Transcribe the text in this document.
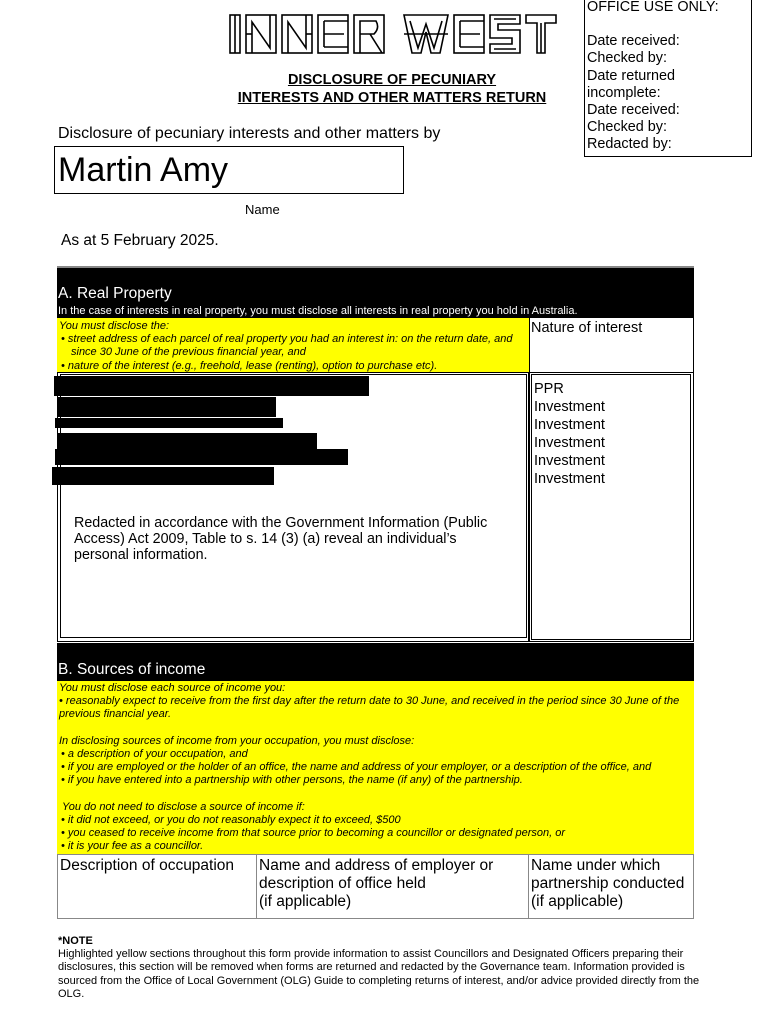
OFFICE USE ONLY:
Date received:
Checked by:
Date returned
incomplete:
Date received:
Checked by:
Redacted by:
DISCLOSURE OF PECUNIARY
INTERESTS AND OTHER MATTERS RETURN
Disclosure of pecuniary interests and other matters by
Martin Amy
Name
As at 5 February 2025.
A. Real Property
In the case of interests in real property, you must disclose all interests in real property you hold in Australia.
You must disclose the:
• street address of each parcel of real property you had an interest in: on the return date, and since 30 June of the previous financial year, and
• nature of the interest (e.g., freehold, lease (renting), option to purchase etc).
Nature of interest
Redacted in accordance with the Government Information (Public Access) Act 2009, Table to s. 14 (3) (a) reveal an individual’s personal information.
PPR
Investment
Investment
Investment
Investment
Investment
B. Sources of income
You must disclose each source of income you:
• reasonably expect to receive from the first day after the return date to 30 June, and received in the period since 30 June of the previous financial year.
In disclosing sources of income from your occupation, you must disclose:
• a description of your occupation, and
• if you are employed or the holder of an office, the name and address of your employer, or a description of the office, and
• if you have entered into a partnership with other persons, the name (if any) of the partnership.
You do not need to disclose a source of income if:
• it did not exceed, or you do not reasonably expect it to exceed, $500
• you ceased to receive income from that source prior to becoming a councillor or designated person, or
• it is your fee as a councillor.
Description of occupation	Name and address of employer or
description of office held
(if applicable)
Name under which
partnership conducted
(if applicable)
*NOTE
Highlighted yellow sections throughout this form provide information to assist Councillors and Designated Officers preparing their disclosures, this section will be removed when forms are returned and redacted by the Governance team. Information provided is sourced from the Office of Local Government (OLG) Guide to completing returns of interest, and/or advice provided directly from the OLG.
